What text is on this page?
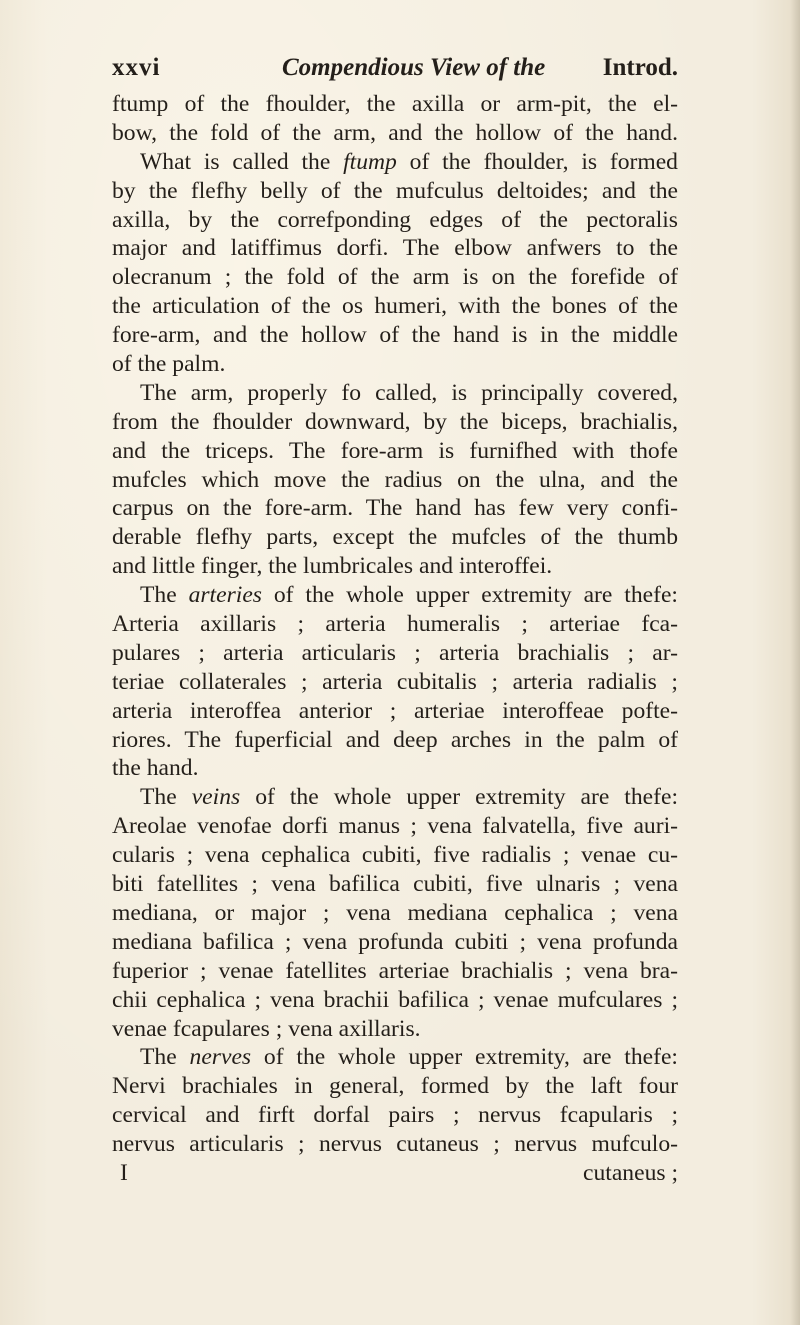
xxvi	Compendious View of the Introd.
ftump of the fhoulder, the axilla or arm-pit, the el-
bow, the fold of the arm, and the hollow of the hand.
What is called the ftump of the fhoulder, is formed
by the flefhy belly of the mufculus deltoides; and the
axilla, by the correfponding edges of the pectoralis
major and latiffimus dorfi. The elbow anfwers to the
olecranum ; the fold of the arm is on the forefide of
the articulation of the os humeri, with the bones of the
fore-arm, and the hollow of the hand is in the middle
of the palm.
The arm, properly fo called, is principally covered,
from the fhoulder downward, by the biceps, brachialis,
and the triceps. The fore-arm is furnifhed with thofe
mufcles which move the radius on the ulna, and the
carpus on the fore-arm. The hand has few very confi-
derable flefhy parts, except the mufcles of the thumb
and little finger, the lumbricales and interoffei.
The arteries of the whole upper extremity are thefe:
Arteria axillaris ; arteria humeralis ; arteriae fca-
pulares ; arteria articularis ; arteria brachialis ; ar-
teriae collaterales ; arteria cubitalis ; arteria radialis ;
arteria interoffea anterior ; arteriae interoffeae pofte-
riores. The fuperficial and deep arches in the palm of
the hand.
The veins of the whole upper extremity are thefe:
Areolae venofae dorfi manus ; vena falvatella, five auri-
cularis ; vena cephalica cubiti, five radialis ; venae cu-
biti fatellites ; vena bafilica cubiti, five ulnaris ; vena
mediana, or major ; vena mediana cephalica ; vena
mediana bafilica ; vena profunda cubiti ; vena profunda
fuperior ; venae fatellites arteriae brachialis ; vena bra-
chii cephalica ; vena brachii bafilica ; venae mufculares ;
venae fcapulares ; vena axillaris.
The nerves of the whole upper extremity, are thefe:
Nervi brachiales in general, formed by the laft four
cervical and firft dorfal pairs ; nervus fcapularis ;
nervus articularis ; nervus cutaneus ; nervus mufculo-
I	cutaneus ;
